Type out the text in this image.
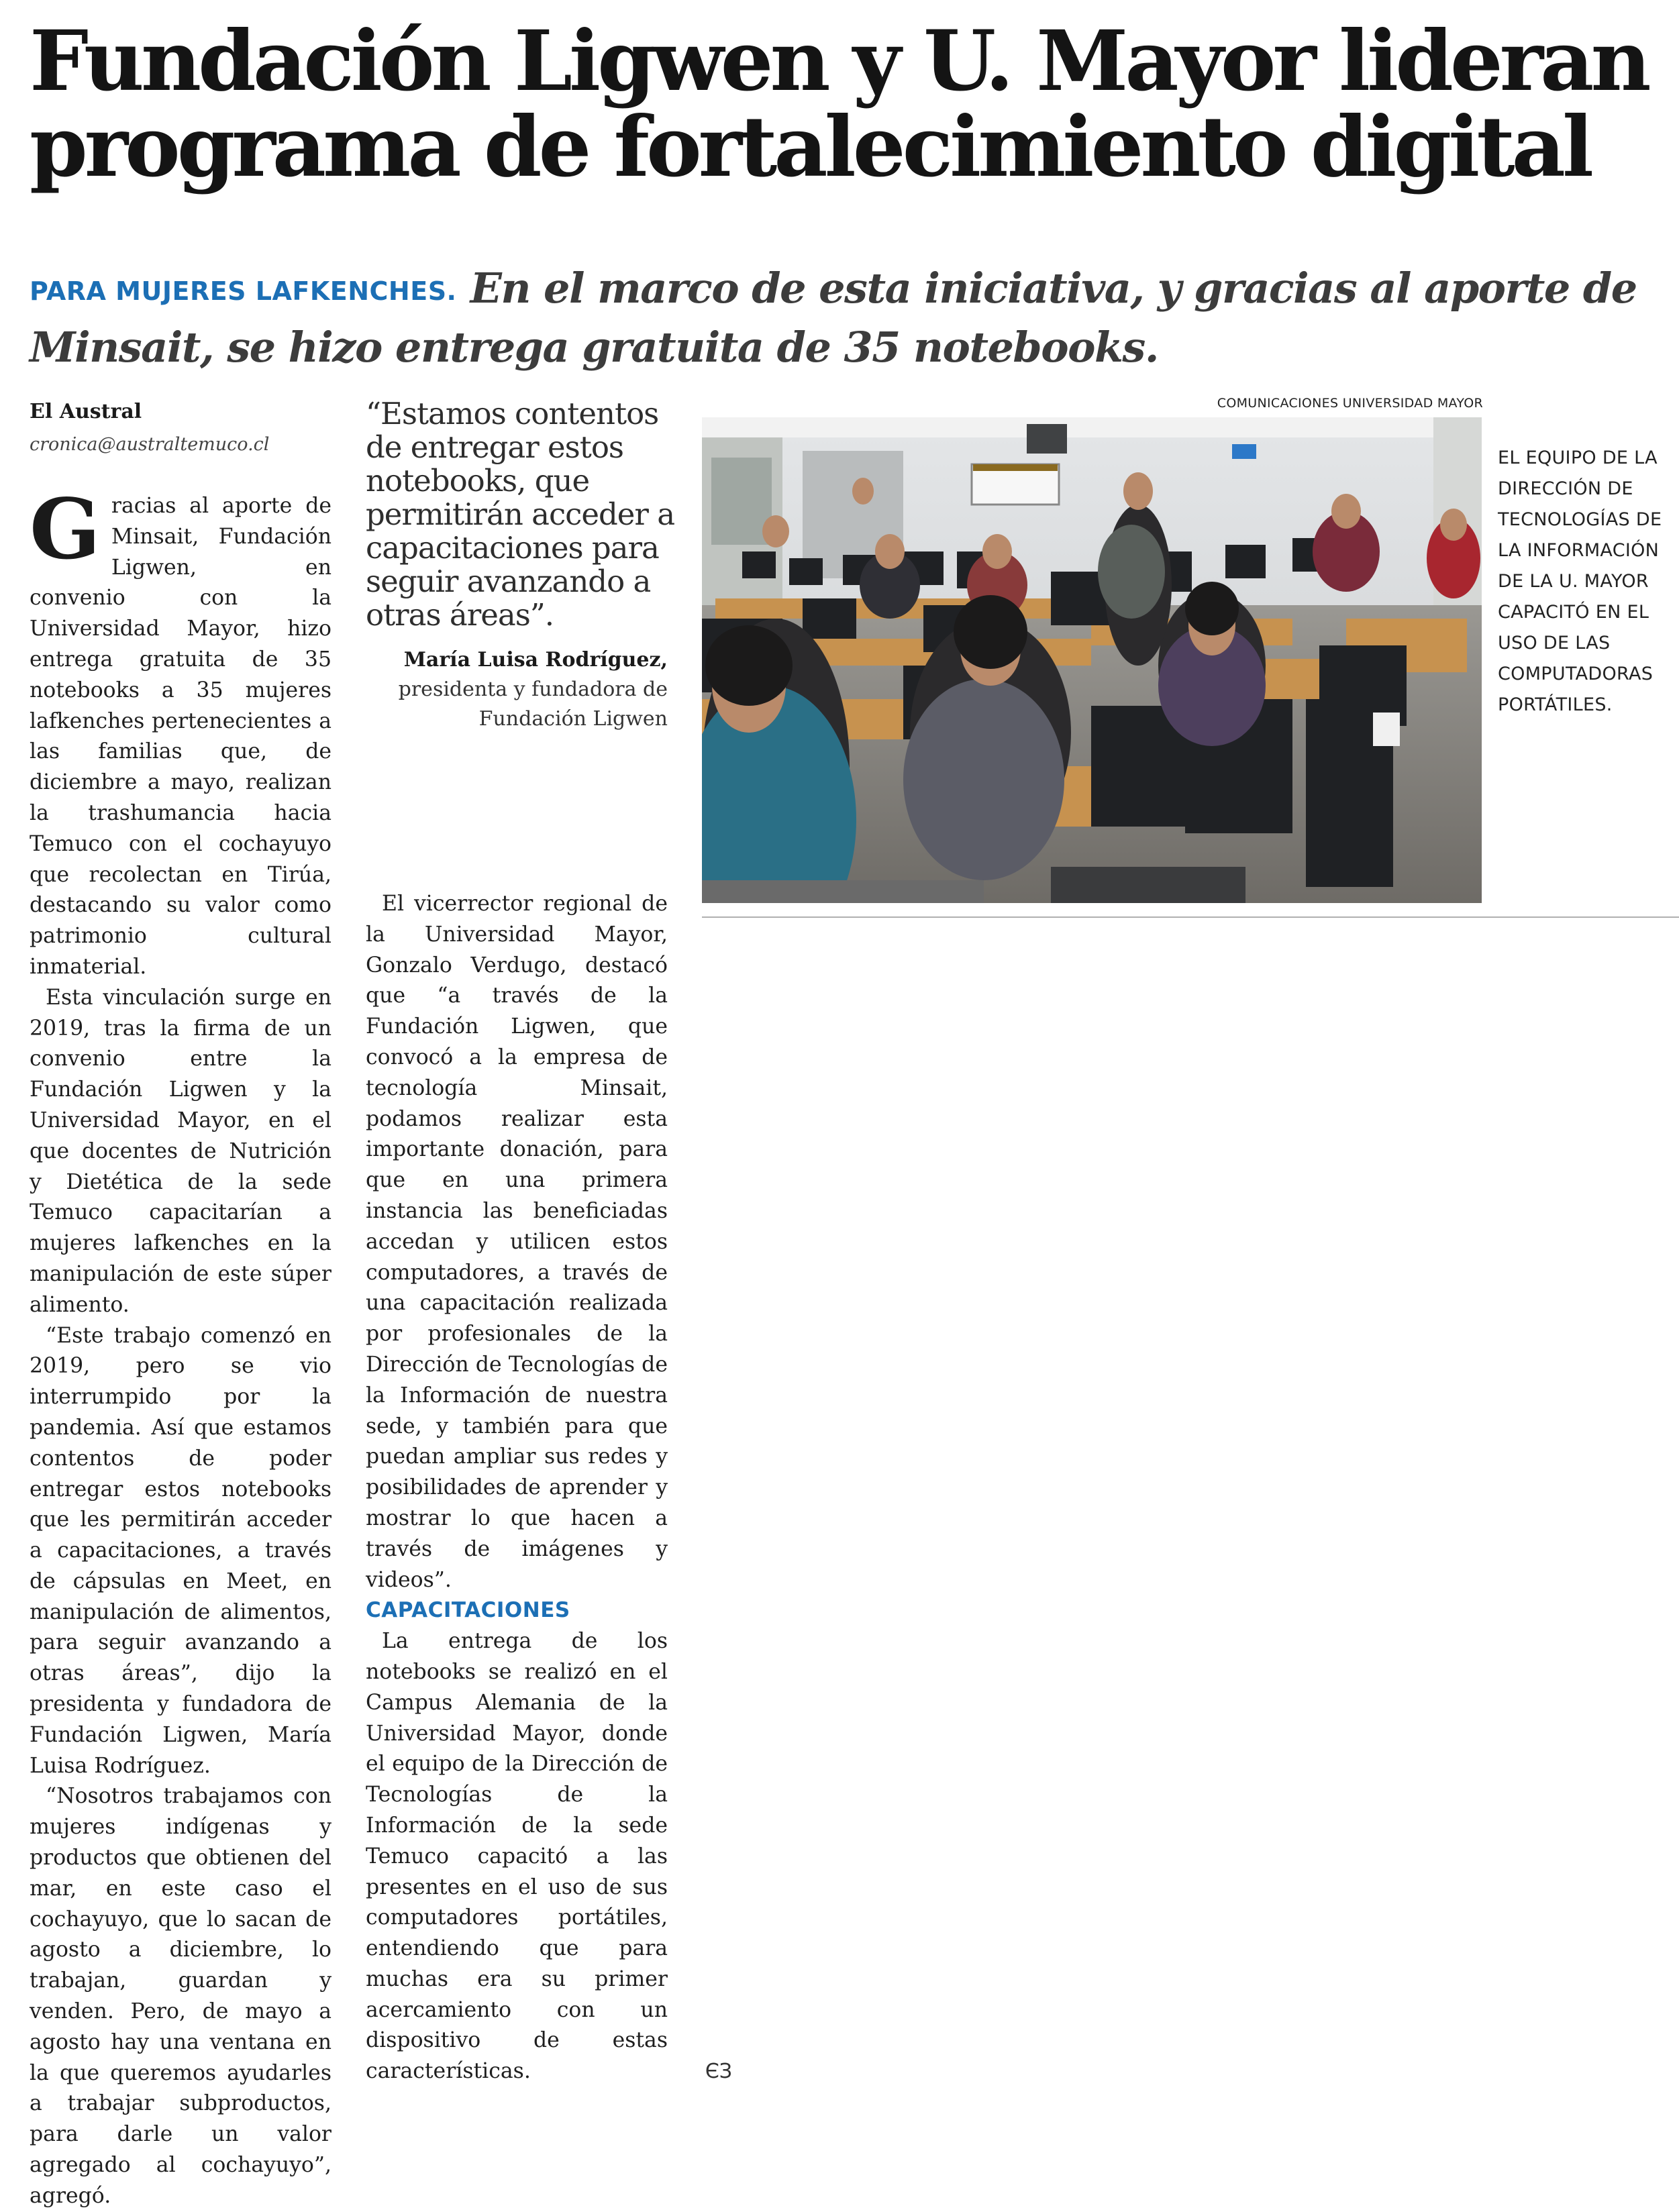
Fundación Ligwen y U. Mayor lideran
programa de fortalecimiento digital
PARA MUJERES LAFKENCHES. En el marco de esta iniciativa, y gracias al aporte de Minsait, se hizo entrega gratuita de 35 notebooks.
El Austral
cronica@australtemuco.cl

Gracias al aporte de Minsait, Fundación Ligwen, en convenio con la Universidad Mayor, hizo entrega gratuita de 35 notebooks a 35 mujeres lafkenches pertenecientes a las familias que, de diciembre a mayo, realizan la trashumancia hacia Temuco con el cochayuyo que recolectan en Tirúa, destacando su valor como patrimonio cultural inmaterial.

Esta vinculación surge en 2019, tras la firma de un convenio entre la Fundación Ligwen y la Universidad Mayor, en el que docentes de Nutrición y Dietética de la sede Temuco capacitarían a mujeres lafkenches en la manipulación de este súper alimento.

“Este trabajo comenzó en 2019, pero se vio interrumpido por la pandemia. Así que estamos contentos de poder entregar estos notebooks que les permitirán acceder a capacitaciones, a través de cápsulas en Meet, en manipulación de alimentos, para seguir avanzando a otras áreas”, dijo la presidenta y fundadora de Fundación Ligwen, María Luisa Rodríguez.

“Nosotros trabajamos con mujeres indígenas y productos que obtienen del mar, en este caso el cochayuyo, que lo sacan de agosto a diciembre, lo trabajan, guardan y venden. Pero, de mayo a agosto hay una ventana en la que queremos ayudarles a trabajar subproductos, para darle un valor agregado al cochayuyo”, agregó.

“Estamos contentos de entregar estos notebooks, que permitirán acceder a capacitaciones para seguir avanzando a otras áreas”.
María Luisa Rodríguez,
presidenta y fundadora de
Fundación Ligwen

El vicerrector regional de la Universidad Mayor, Gonzalo Verdugo, destacó que “a través de la Fundación Ligwen, que convocó a la empresa de tecnología Minsait, podamos realizar esta importante donación, para que en una primera instancia las beneficiadas accedan y utilicen estos computadores, a través de una capacitación realizada por profesionales de la Dirección de Tecnologías de la Información de nuestra sede, y también para que puedan ampliar sus redes y posibilidades de aprender y mostrar lo que hacen a través de imágenes y videos”.

CAPACITACIONES

La entrega de los notebooks se realizó en el Campus Alemania de la Universidad Mayor, donde el equipo de la Dirección de Tecnologías de la Información de la sede Temuco capacitó a las presentes en el uso de sus computadores portátiles, entendiendo que para muchas era su primer acercamiento con un dispositivo de estas características.	ЄЗ

COMUNICACIONES UNIVERSIDAD MAYOR
EL EQUIPO DE LA DIRECCIÓN DE TECNOLOGÍAS DE LA INFORMACIÓN DE LA U. MAYOR CAPACITÓ EN EL USO DE LAS COMPUTADORAS PORTÁTILES.
